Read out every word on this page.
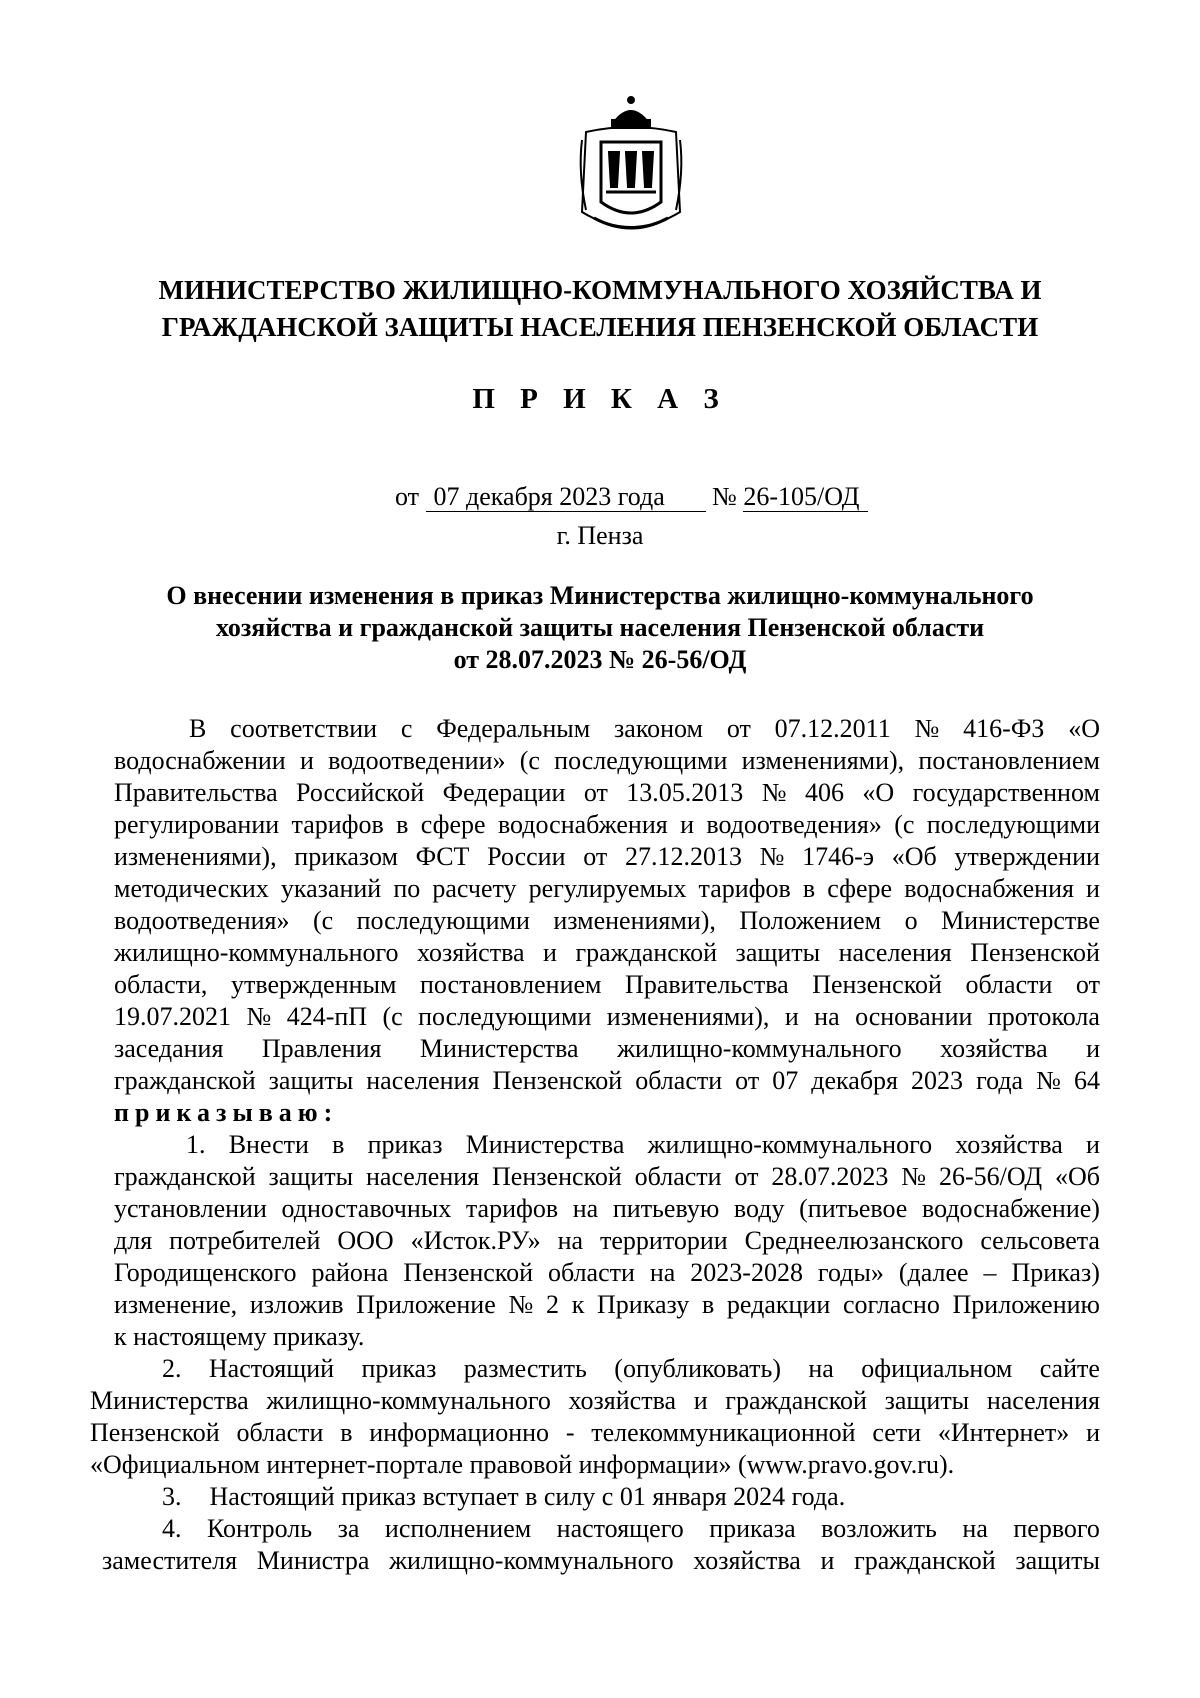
МИНИСТЕРСТВО ЖИЛИЩНО-КОММУНАЛЬНОГО ХОЗЯЙСТВА И
ГРАЖДАНСКОЙ ЗАЩИТЫ НАСЕЛЕНИЯ ПЕНЗЕНСКОЙ ОБЛАСТИ
П Р И К А З
от 07 декабря 2023 года № 26-105/ОД
г. Пенза
О внесении изменения в приказ Министерства жилищно-коммунального
хозяйства и гражданской защиты населения Пензенской области
от 28.07.2023 № 26-56/ОД
В соответствии с Федеральным законом от 07.12.2011 № 416-ФЗ «О
водоснабжении и водоотведении» (с последующими изменениями), постановлением
Правительства Российской Федерации от 13.05.2013 № 406 «О государственном
регулировании тарифов в сфере водоснабжения и водоотведения» (с последующими
изменениями), приказом ФСТ России от 27.12.2013 № 1746-э «Об утверждении
методических указаний по расчету регулируемых тарифов в сфере водоснабжения и
водоотведения» (с последующими изменениями), Положением о Министерстве
жилищно-коммунального хозяйства и гражданской защиты населения Пензенской
области, утвержденным постановлением Правительства Пензенской области от
19.07.2021 № 424-пП (с последующими изменениями), и на основании протокола
заседания Правления Министерства жилищно-коммунального хозяйства и
гражданской защиты населения Пензенской области от 07 декабря 2023 года № 64
приказываю:
1. Внести в приказ Министерства жилищно-коммунального хозяйства и
гражданской защиты населения Пензенской области от 28.07.2023 № 26-56/ОД «Об
установлении одноставочных тарифов на питьевую воду (питьевое водоснабжение)
для потребителей ООО «Исток.РУ» на территории Среднеелюзанского сельсовета
Городищенского района Пензенской области на 2023-2028 годы» (далее – Приказ)
изменение, изложив Приложение № 2 к Приказу в редакции согласно Приложению
к настоящему приказу.
2. Настоящий приказ разместить (опубликовать) на официальном сайте
Министерства жилищно-коммунального хозяйства и гражданской защиты населения
Пензенской области в информационно - телекоммуникационной сети «Интернет» и
«Официальном интернет-портале правовой информации» (www.pravo.gov.ru).
3. Настоящий приказ вступает в силу с 01 января 2024 года.
4. Контроль за исполнением настоящего приказа возложить на первого
заместителя Министра жилищно-коммунального хозяйства и гражданской защиты
